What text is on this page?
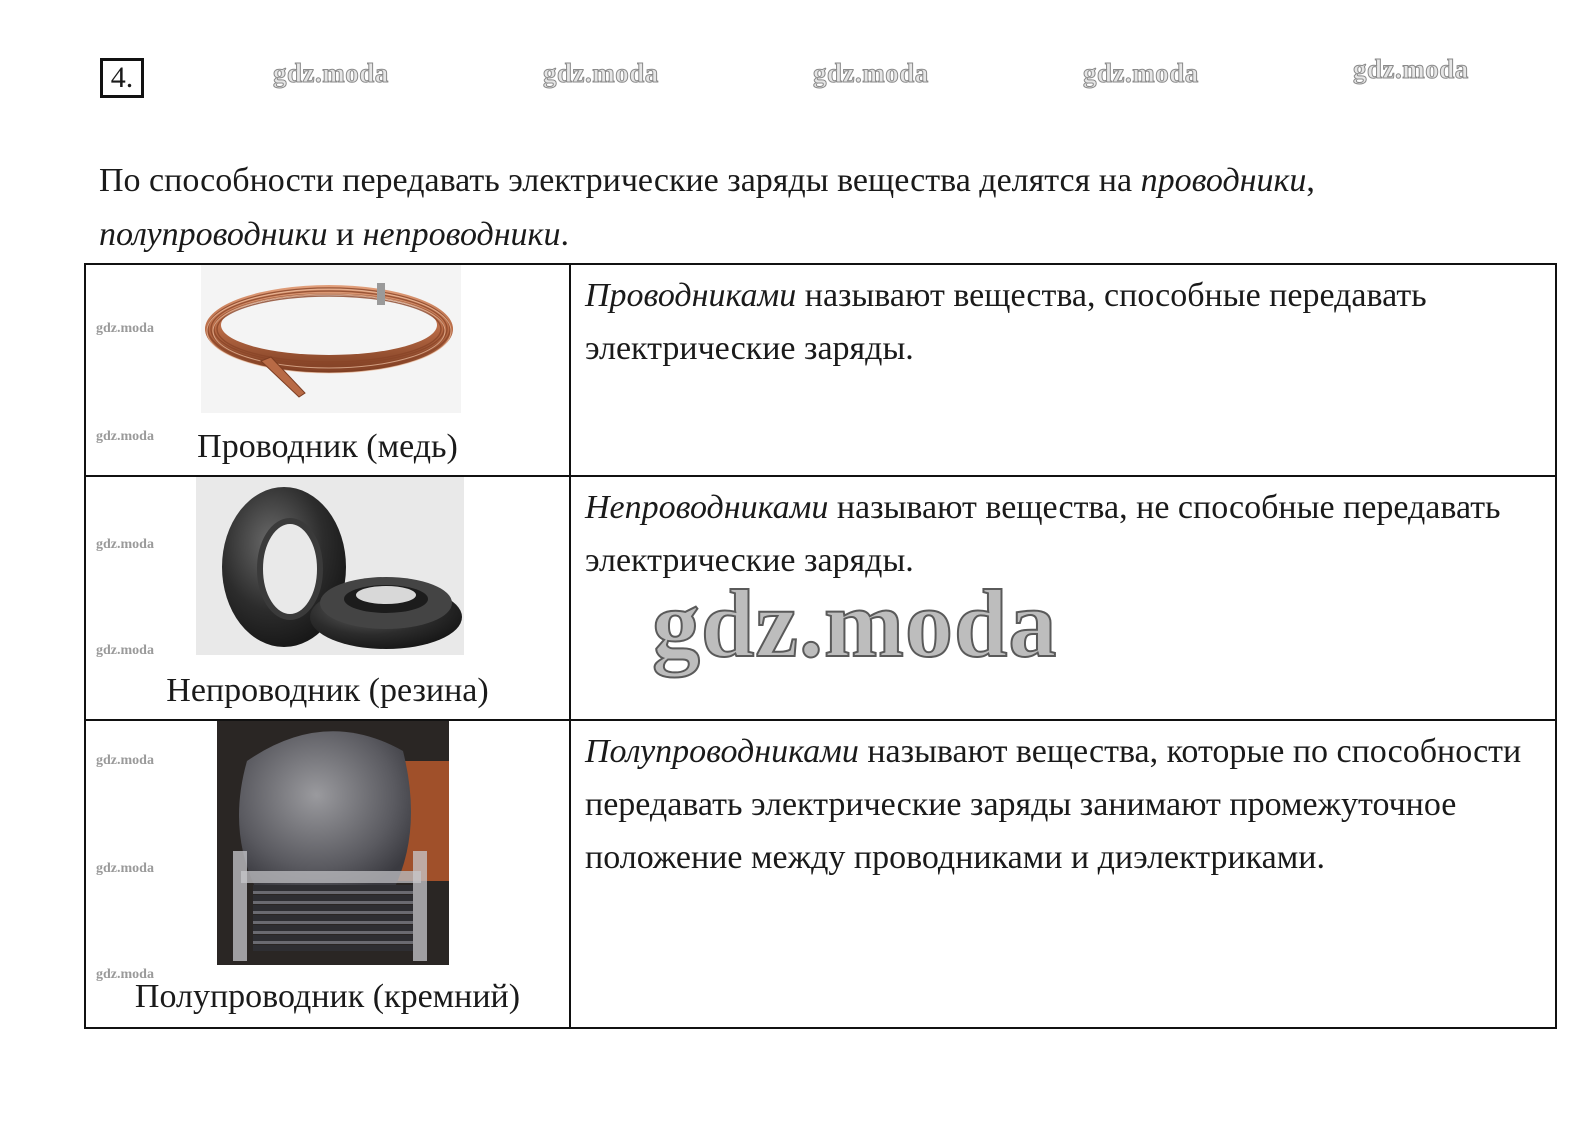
4.	gdz.moda	gdz.moda	gdz.moda	gdz.moda	gdz.moda
По способности передавать электрические заряды вещества делятся на проводники,
полупроводники и непроводники.
gdz.moda
gdz.moda Проводник (медь)	Проводниками называют вещества, способные передавать электрические заряды.

gdz.moda
gdz.moda
Непроводник (резина)	Непроводниками называют вещества, не способные передавать электрические заряды.

gdz.moda
gdz.moda
gdz.moda
Полупроводник (кремний)	Полупроводниками называют вещества, которые по способности передавать электрические заряды занимают промежуточное положение между проводниками и диэлектриками.
gdz.moda
